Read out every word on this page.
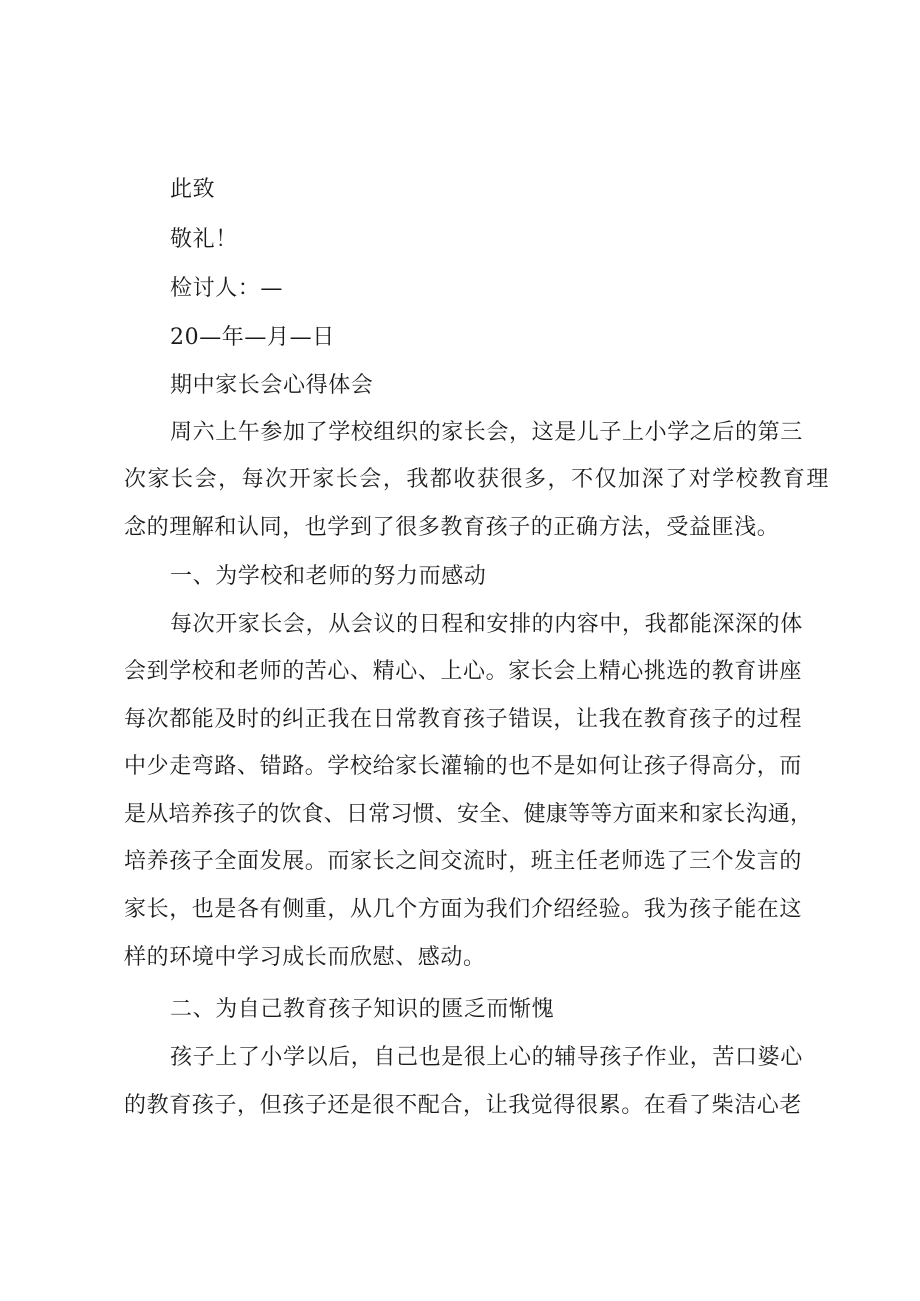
此致
敬礼！
检讨人：—
20—年—月—日
期中家长会心得体会
周六上午参加了学校组织的家长会，这是儿子上小学之后的第三
次家长会，每次开家长会，我都收获很多，不仅加深了对学校教育理
念的理解和认同，也学到了很多教育孩子的正确方法，受益匪浅。
一、为学校和老师的努力而感动
每次开家长会，从会议的日程和安排的内容中，我都能深深的体
会到学校和老师的苦心、精心、上心。家长会上精心挑选的教育讲座
每次都能及时的纠正我在日常教育孩子错误，让我在教育孩子的过程
中少走弯路、错路。学校给家长灌输的也不是如何让孩子得高分，而
是从培养孩子的饮食、日常习惯、安全、健康等等方面来和家长沟通，
培养孩子全面发展。而家长之间交流时，班主任老师选了三个发言的
家长，也是各有侧重，从几个方面为我们介绍经验。我为孩子能在这
样的环境中学习成长而欣慰、感动。
二、为自己教育孩子知识的匮乏而惭愧
孩子上了小学以后，自己也是很上心的辅导孩子作业，苦口婆心
的教育孩子，但孩子还是很不配合，让我觉得很累。在看了柴洁心老
